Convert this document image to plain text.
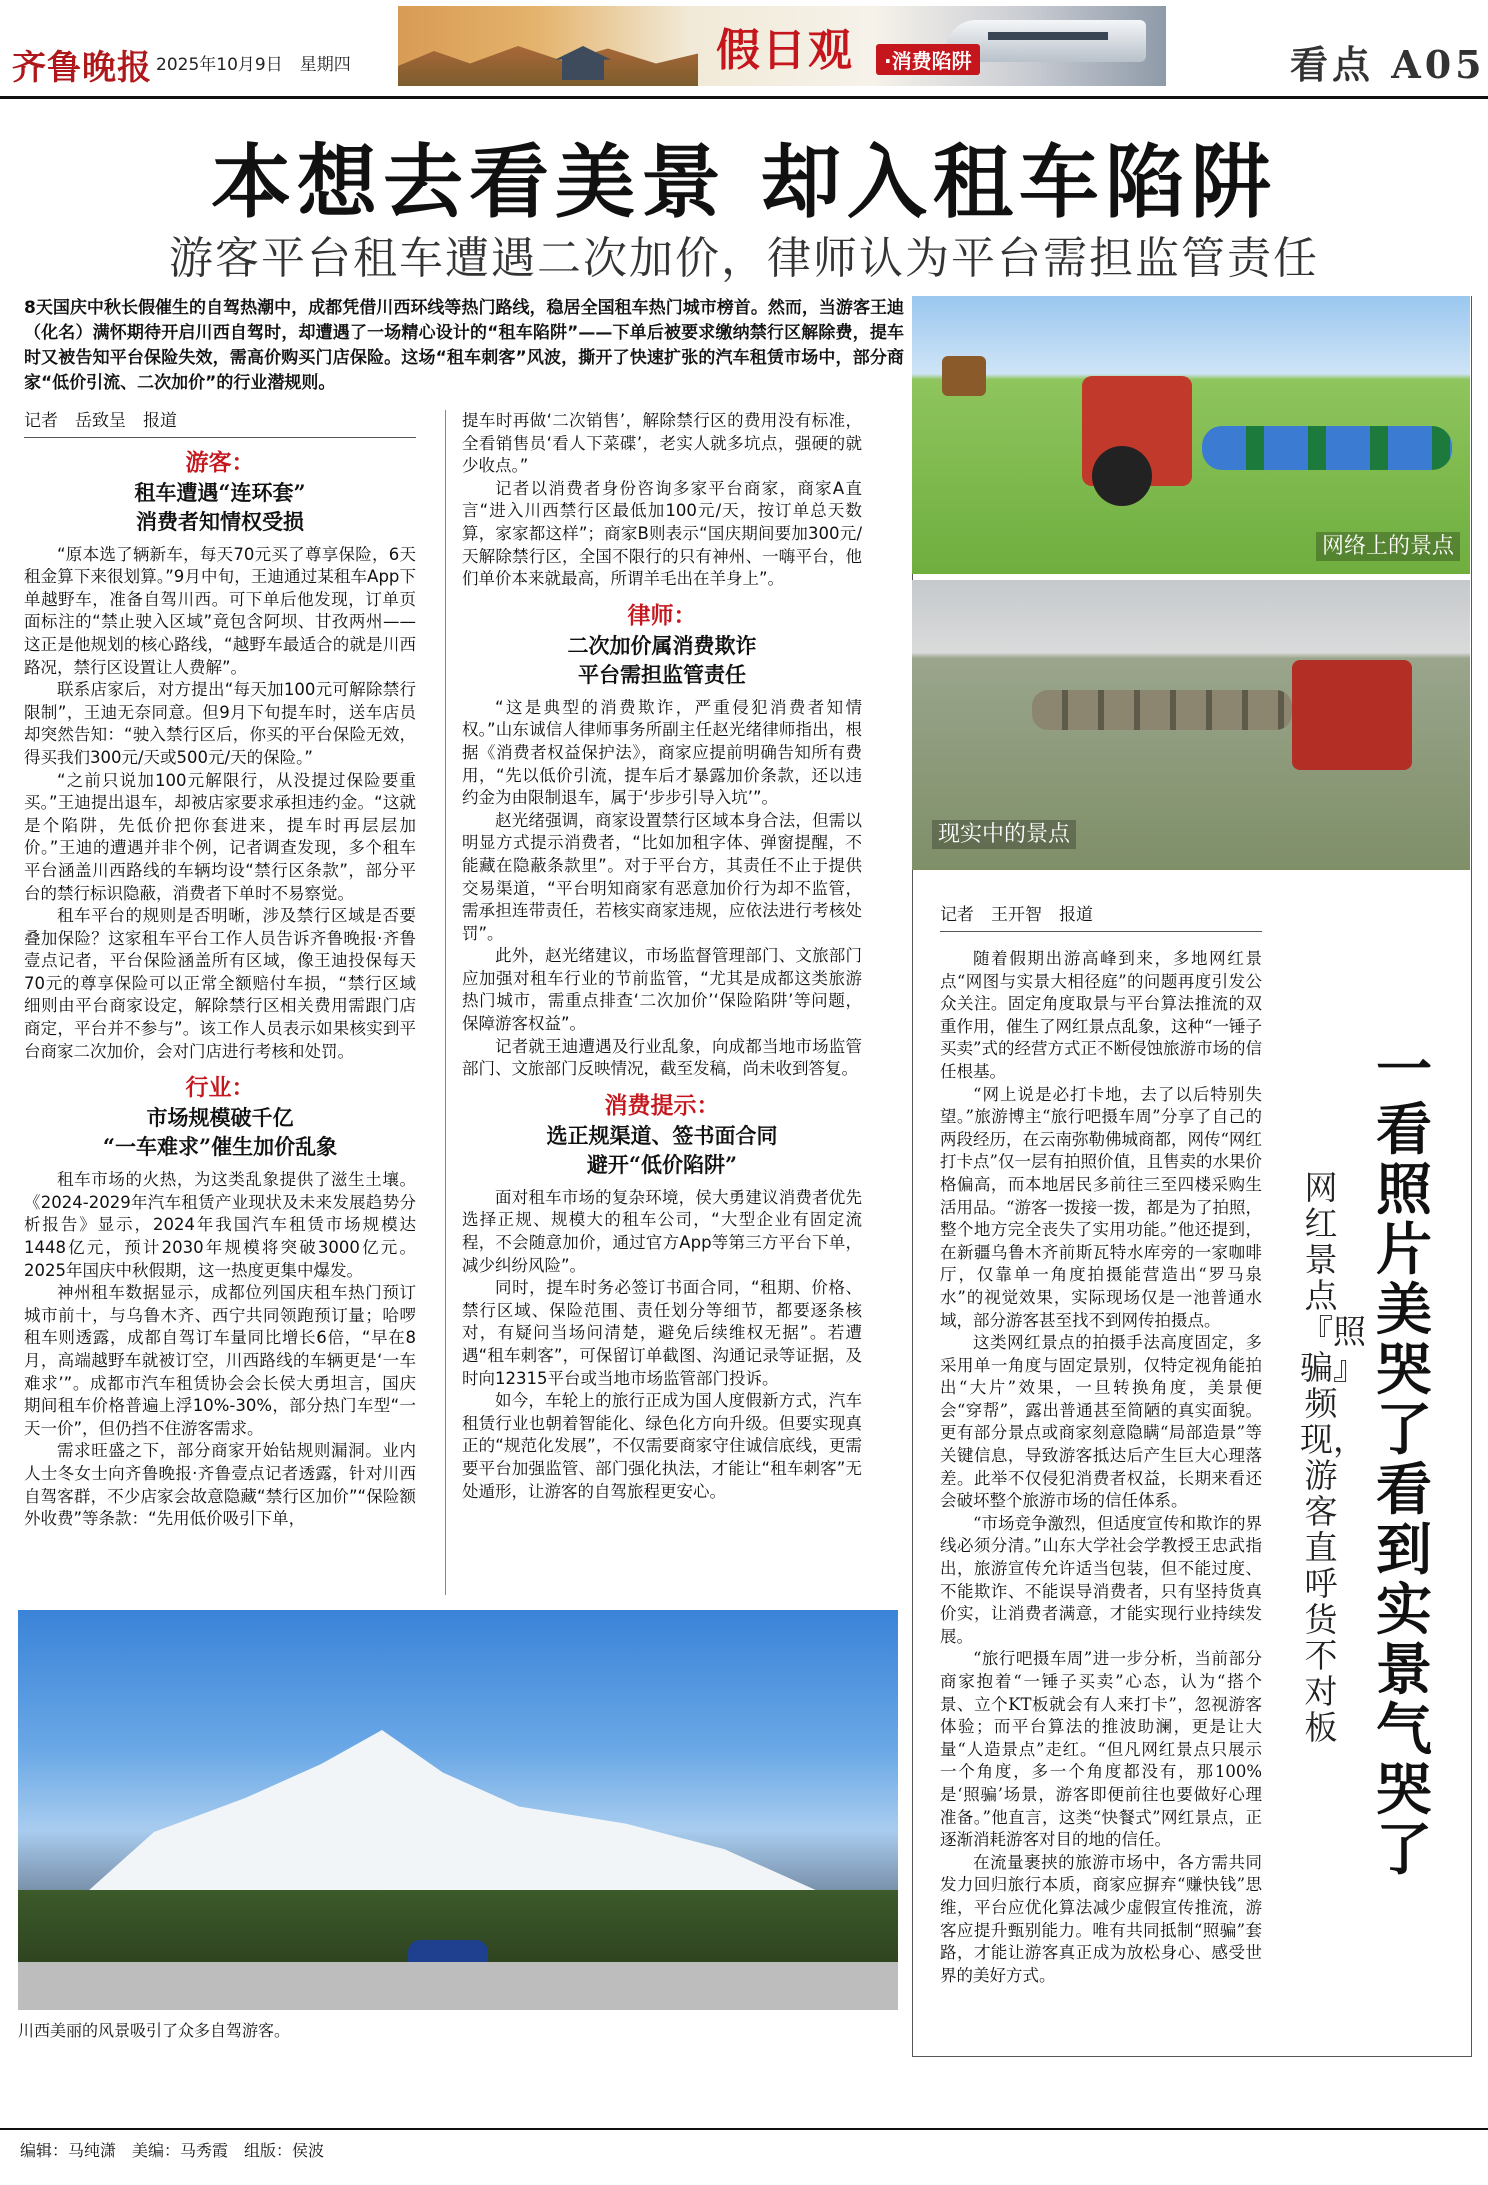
齐鲁晚报 2025年10月9日　星期四	假日观	·消费陷阱	看点 A05
本想去看美景 却入租车陷阱
游客平台租车遭遇二次加价，律师认为平台需担监管责任
8天国庆中秋长假催生的自驾热潮中，成都凭借川西环线等热门路线，稳居全国租车热门城市榜首。然而，当游客王迪（化名）满怀期待开启川西自驾时，却遭遇了一场精心设计的“租车陷阱”——下单后被要求缴纳禁行区解除费，提车时又被告知平台保险失效，需高价购买门店保险。这场“租车刺客”风波，撕开了快速扩张的汽车租赁市场中，部分商家“低价引流、二次加价”的行业潜规则。
记者　岳致呈　报道
游客：
租车遭遇“连环套”
消费者知情权受损

“原本选了辆新车，每天70元买了尊享保险，6天租金算下来很划算。”9月中旬，王迪通过某租车App下单越野车，准备自驾川西。可下单后他发现，订单页面标注的“禁止驶入区域”竟包含阿坝、甘孜两州——这正是他规划的核心路线，“越野车最适合的就是川西路况，禁行区设置让人费解”。

联系店家后，对方提出“每天加100元可解除禁行限制”，王迪无奈同意。但9月下旬提车时，送车店员却突然告知：“驶入禁行区后，你买的平台保险无效，得买我们300元/天或500元/天的保险。”

“之前只说加100元解限行，从没提过保险要重买。”王迪提出退车，却被店家要求承担违约金。“这就是个陷阱，先低价把你套进来，提车时再层层加价。”王迪的遭遇并非个例，记者调查发现，多个租车平台涵盖川西路线的车辆均设“禁行区条款”，部分平台的禁行标识隐蔽，消费者下单时不易察觉。

租车平台的规则是否明晰，涉及禁行区域是否要叠加保险？这家租车平台工作人员告诉齐鲁晚报·齐鲁壹点记者，平台保险涵盖所有区域，像王迪投保每天70元的尊享保险可以正常全额赔付车损，“禁行区域细则由平台商家设定，解除禁行区相关费用需跟门店商定，平台并不参与”。该工作人员表示如果核实到平台商家二次加价，会对门店进行考核和处罚。

行业：
市场规模破千亿
“一车难求”催生加价乱象

租车市场的火热，为这类乱象提供了滋生土壤。《2024-2029年汽车租赁产业现状及未来发展趋势分析报告》显示，2024年我国汽车租赁市场规模达1448亿元，预计2030年规模将突破3000亿元。2025年国庆中秋假期，这一热度更集中爆发。

神州租车数据显示，成都位列国庆租车热门预订城市前十，与乌鲁木齐、西宁共同领跑预订量；哈啰租车则透露，成都自驾订车量同比增长6倍，“早在8月，高端越野车就被订空，川西路线的车辆更是‘一车难求’”。成都市汽车租赁协会会长侯大勇坦言，国庆期间租车价格普遍上浮10%-30%，部分热门车型“一天一价”，但仍挡不住游客需求。

需求旺盛之下，部分商家开始钻规则漏洞。业内人士冬女士向齐鲁晚报·齐鲁壹点记者透露，针对川西自驾客群，不少店家会故意隐藏“禁行区加价”“保险额外收费”等条款：“先用低价吸引下单，

提车时再做‘二次销售’，解除禁行区的费用没有标准，全看销售员‘看人下菜碟’，老实人就多坑点，强硬的就少收点。”

记者以消费者身份咨询多家平台商家，商家A直言“进入川西禁行区最低加100元/天，按订单总天数算，家家都这样”；商家B则表示“国庆期间要加300元/天解除禁行区，全国不限行的只有神州、一嗨平台，他们单价本来就最高，所谓羊毛出在羊身上”。

律师：
二次加价属消费欺诈
平台需担监管责任

“这是典型的消费欺诈，严重侵犯消费者知情权。”山东诚信人律师事务所副主任赵光绪律师指出，根据《消费者权益保护法》，商家应提前明确告知所有费用，“先以低价引流，提车后才暴露加价条款，还以违约金为由限制退车，属于‘步步引导入坑’”。

赵光绪强调，商家设置禁行区域本身合法，但需以明显方式提示消费者，“比如加租字体、弹窗提醒，不能藏在隐蔽条款里”。对于平台方，其责任不止于提供交易渠道，“平台明知商家有恶意加价行为却不监管，需承担连带责任，若核实商家违规，应依法进行考核处罚”。

此外，赵光绪建议，市场监督管理部门、文旅部门应加强对租车行业的节前监管，“尤其是成都这类旅游热门城市，需重点排查‘二次加价’‘保险陷阱’等问题，保障游客权益”。

记者就王迪遭遇及行业乱象，向成都当地市场监管部门、文旅部门反映情况，截至发稿，尚未收到答复。

消费提示：
选正规渠道、签书面合同
避开“低价陷阱”

面对租车市场的复杂环境，侯大勇建议消费者优先选择正规、规模大的租车公司，“大型企业有固定流程，不会随意加价，通过官方App等第三方平台下单，减少纠纷风险”。

同时，提车时务必签订书面合同，“租期、价格、禁行区域、保险范围、责任划分等细节，都要逐条核对，有疑问当场问清楚，避免后续维权无据”。若遭遇“租车刺客”，可保留订单截图、沟通记录等证据，及时向12315平台或当地市场监管部门投诉。

如今，车轮上的旅行正成为国人度假新方式，汽车租赁行业也朝着智能化、绿色化方向升级。但要实现真正的“规范化发展”，不仅需要商家守住诚信底线，更需要平台加强监管、部门强化执法，才能让“租车刺客”无处遁形，让游客的自驾旅程更安心。

网络上的景点
现实中的景点
记者　王开智　报道

随着假期出游高峰到来，多地网红景点“网图与实景大相径庭”的问题再度引发公众关注。固定角度取景与平台算法推流的双重作用，催生了网红景点乱象，这种“一锤子买卖”式的经营方式正不断侵蚀旅游市场的信任根基。

“网上说是必打卡地，去了以后特别失望。”旅游博主“旅行吧摄车周”分享了自己的两段经历，在云南弥勒佛城商都，网传“网红打卡点”仅一层有拍照价值，且售卖的水果价格偏高，而本地居民多前往三至四楼采购生活用品。“游客一拨接一拨，都是为了拍照，整个地方完全丧失了实用功能。”他还提到，在新疆乌鲁木齐前斯瓦特水库旁的一家咖啡厅，仅靠单一角度拍摄能营造出“罗马泉水”的视觉效果，实际现场仅是一池普通水域，部分游客甚至找不到网传拍摄点。

这类网红景点的拍摄手法高度固定，多采用单一角度与固定景别，仅特定视角能拍出“大片”效果，一旦转换角度，美景便会“穿帮”，露出普通甚至简陋的真实面貌。更有部分景点或商家刻意隐瞒“局部造景”等关键信息，导致游客抵达后产生巨大心理落差。此举不仅侵犯消费者权益，长期来看还会破坏整个旅游市场的信任体系。

“市场竞争激烈，但适度宣传和欺诈的界线必须分清。”山东大学社会学教授王忠武指出，旅游宣传允许适当包装，但不能过度、不能欺诈、不能误导消费者，只有坚持货真价实，让消费者满意，才能实现行业持续发展。

“旅行吧摄车周”进一步分析，当前部分商家抱着“一锤子买卖”心态，认为“搭个景、立个KT板就会有人来打卡”，忽视游客体验；而平台算法的推波助澜，更是让大量“人造景点”走红。“但凡网红景点只展示一个角度，多一个角度都没有，那100%是‘照骗’场景，游客即便前往也要做好心理准备。”他直言，这类“快餐式”网红景点，正逐渐消耗游客对目的地的信任。

在流量裹挟的旅游市场中，各方需共同发力回归旅行本质，商家应摒弃“赚快钱”思维，平台应优化算法减少虚假宣传推流，游客应提升甄别能力。唯有共同抵制“照骗”套路，才能让游客真正成为放松身心、感受世界的美好方式。

一看照片美哭了 看到实景气哭了
网红景点『照骗』频现，游客直呼货不对板
川西美丽的风景吸引了众多自驾游客。
编辑：马纯潇　美编：马秀霞　组版：侯波
